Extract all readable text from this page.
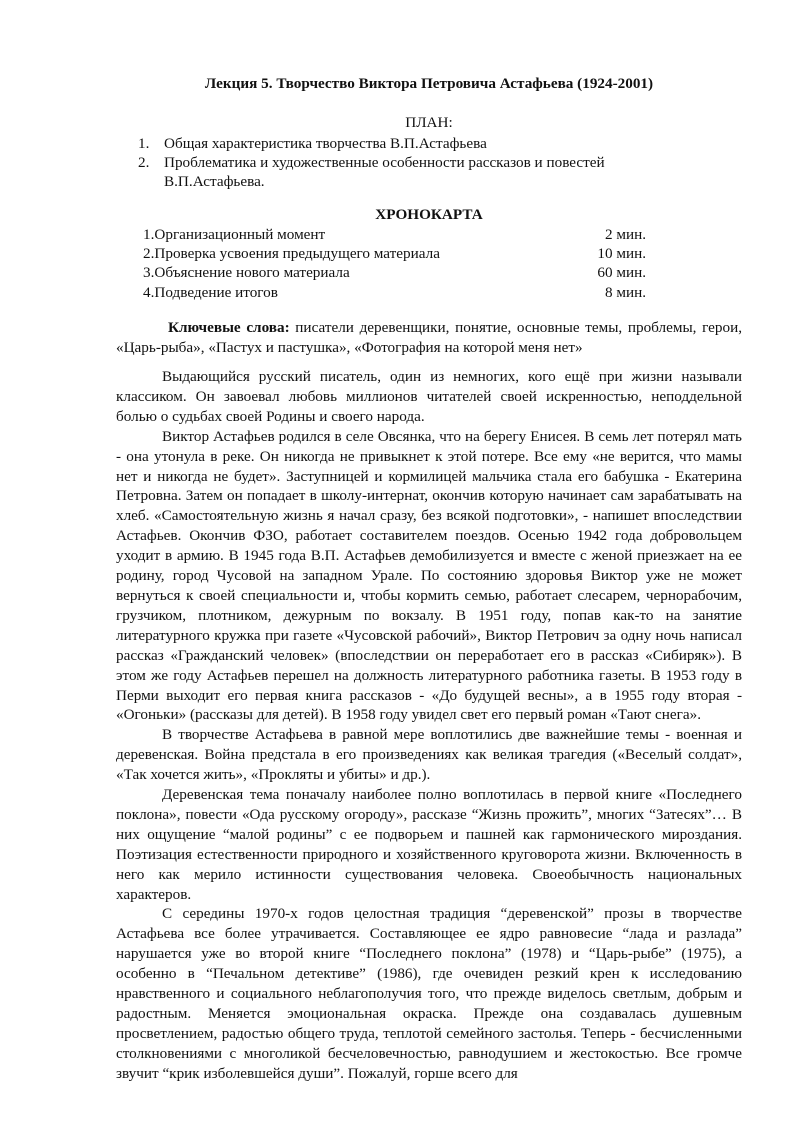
Лекция 5. Творчество Виктора Петровича Астафьева (1924-2001)
ПЛАН:
1. Общая характеристика творчества В.П.Астафьева
2. Проблематика и художественные особенности рассказов и повестей В.П.Астафьева.
ХРОНОКАРТА
1.Организационный момент	2 мин.
2.Проверка усвоения предыдущего материала	10 мин.
3.Объяснение нового материала	60 мин.
4.Подведение итогов	8 мин.
Ключевые слова: писатели деревенщики, понятие, основные темы, проблемы, герои, «Царь-рыба», «Пастух и пастушка», «Фотография на которой меня нет»

Выдающийся русский писатель, один из немногих, кого ещё при жизни называли классиком. Он завоевал любовь миллионов читателей своей искренностью, неподдельной болью о судьбах своей Родины и своего народа.

Виктор Астафьев родился в селе Овсянка, что на берегу Енисея. В семь лет потерял мать - она утонула в реке. Он никогда не привыкнет к этой потере. Все ему «не верится, что мамы нет и никогда не будет». Заступницей и кормилицей мальчика стала его бабушка - Екатерина Петровна. Затем он попадает в школу-интернат, окончив которую начинает сам зарабатывать на хлеб. «Самостоятельную жизнь я начал сразу, без всякой подготовки», - напишет впоследствии Астафьев. Окончив ФЗО, работает составителем поездов. Осенью 1942 года добровольцем уходит в армию. В 1945 года В.П. Астафьев демобилизуется и вместе с женой приезжает на ее родину, город Чусовой на западном Урале. По состоянию здоровья Виктор уже не может вернуться к своей специальности и, чтобы кормить семью, работает слесарем, чернорабочим, грузчиком, плотником, дежурным по вокзалу. В 1951 году, попав как-то на занятие литературного кружка при газете «Чусовской рабочий», Виктор Петрович за одну ночь написал рассказ «Гражданский человек» (впоследствии он переработает его в рассказ «Сибиряк»). В этом же году Астафьев перешел на должность литературного работника газеты. В 1953 году в Перми выходит его первая книга рассказов - «До будущей весны», а в 1955 году вторая - «Огоньки» (рассказы для детей). В 1958 году увидел свет его первый роман «Тают снега».

В творчестве Астафьева в равной мере воплотились две важнейшие темы - военная и деревенская. Война предстала в его произведениях как великая трагедия («Веселый солдат», «Так хочется жить», «Прокляты и убиты» и др.).

Деревенская тема поначалу наиболее полно воплотилась в первой книге «Последнего поклона», повести «Ода русскому огороду», рассказе “Жизнь прожить”, многих “Затесях”… В них ощущение “малой родины” с ее подворьем и пашней как гармонического мироздания. Поэтизация естественности природного и хозяйственного круговорота жизни. Включенность в него как мерило истинности существования человека. Своеобычность национальных характеров.

С середины 1970-х годов целостная традиция “деревенской” прозы в творчестве Астафьева все более утрачивается. Составляющее ее ядро равновесие “лада и разлада” нарушается уже во второй книге “Последнего поклона” (1978) и “Царь-рыбе” (1975), а особенно в “Печальном детективе” (1986), где очевиден резкий крен к исследованию нравственного и социального неблагополучия того, что прежде виделось светлым, добрым и радостным. Меняется эмоциональная окраска. Прежде она создавалась душевным просветлением, радостью общего труда, теплотой семейного застолья. Теперь - бесчисленными столкновениями с многоликой бесчеловечностью, равнодушием и жестокостью. Все громче звучит “крик изболевшейся души”. Пожалуй, горше всего для
